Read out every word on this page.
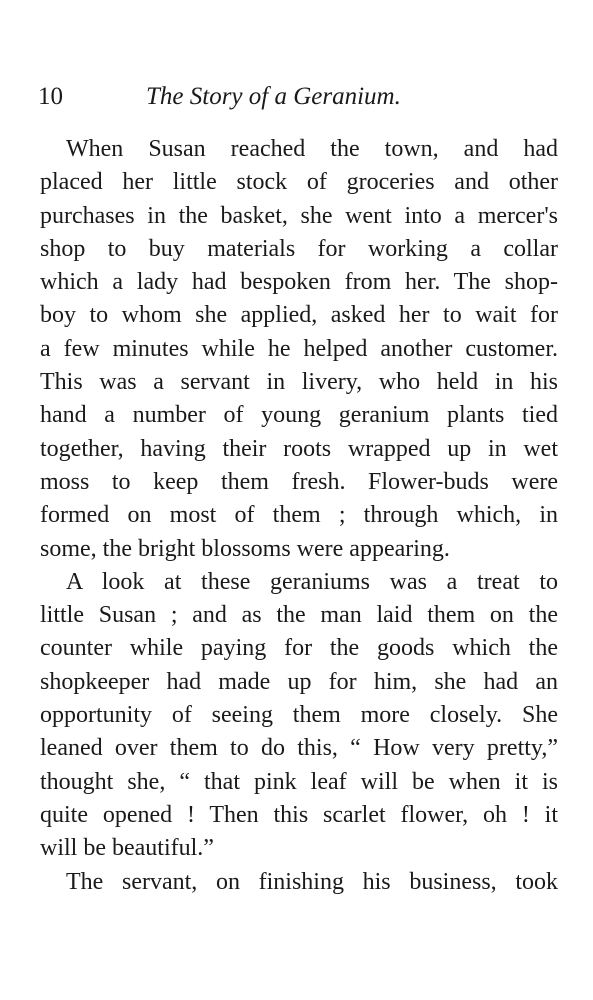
10	The Story of a Geranium.
When Susan reached the town, and had
placed her little stock of groceries and other
purchases in the basket, she went into a mercer's
shop to buy materials for working a collar
which a lady had bespoken from her. The shop-
boy to whom she applied, asked her to wait for
a few minutes while he helped another customer.
This was a servant in livery, who held in his
hand a number of young geranium plants tied
together, having their roots wrapped up in wet
moss to keep them fresh. Flower-buds were
formed on most of them ; through which, in
some, the bright blossoms were appearing.
A look at these geraniums was a treat to
little Susan ; and as the man laid them on the
counter while paying for the goods which the
shopkeeper had made up for him, she had an
opportunity of seeing them more closely. She
leaned over them to do this, “ How very pretty,”
thought she, “ that pink leaf will be when it is
quite opened ! Then this scarlet flower, oh ! it
will be beautiful.”
The servant, on finishing his business, took
